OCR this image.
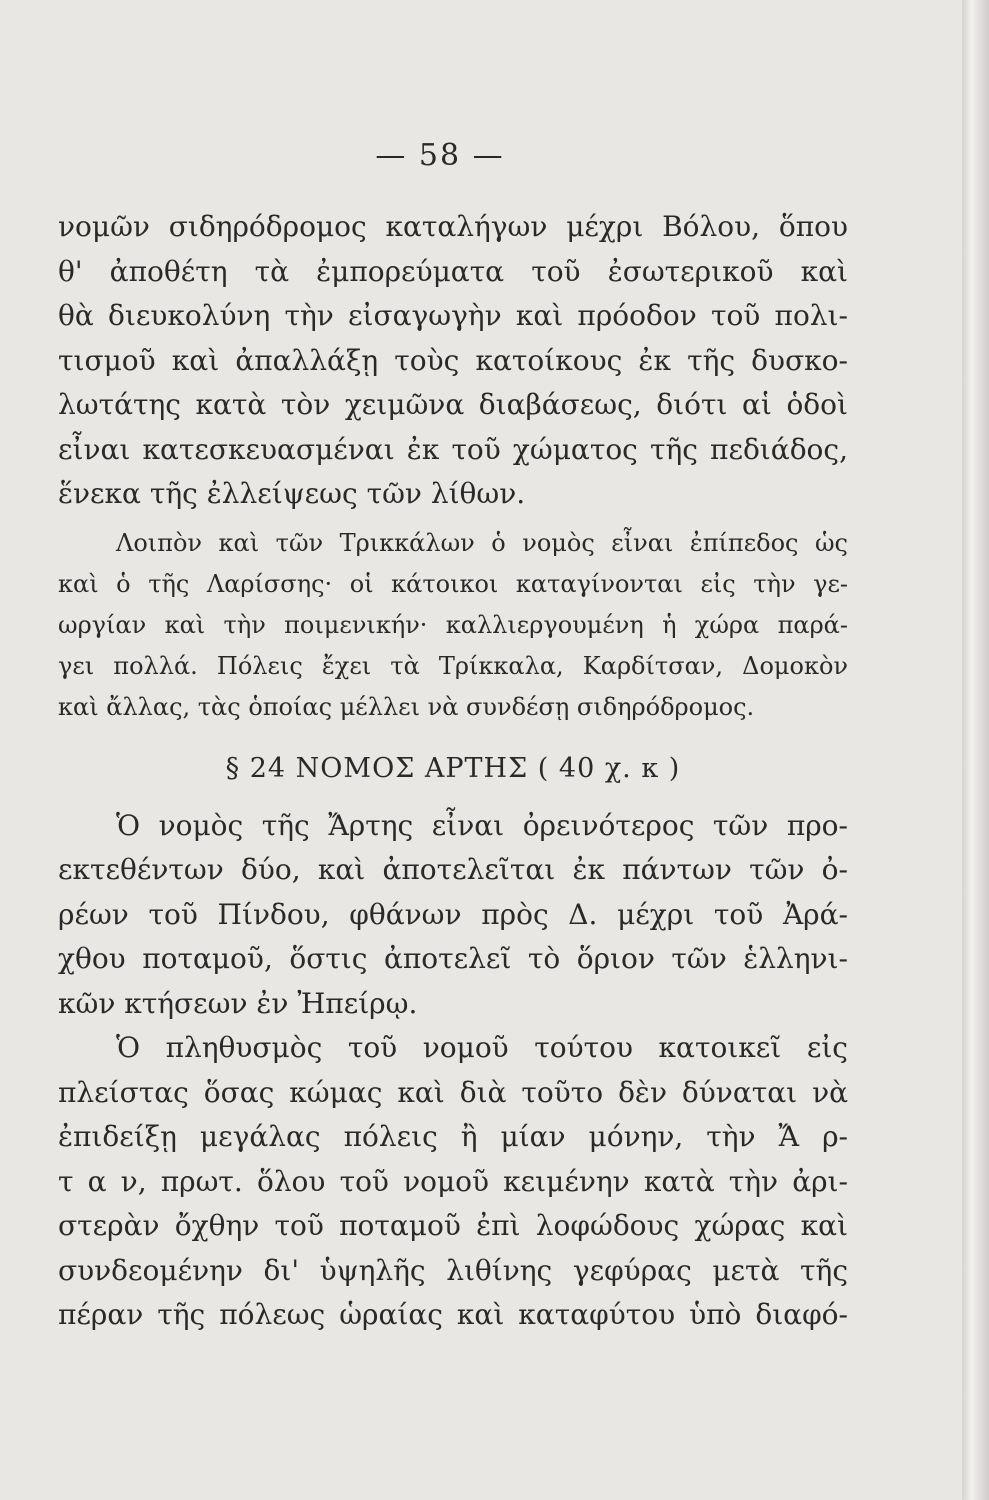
— 58 —
νομῶν σιδηρόδρομος καταλήγων μέχρι Βόλου, ὅπου
θ' ἀποθέτη τὰ ἐμπορεύματα τοῦ ἐσωτερικοῦ καὶ
θὰ διευκολύνη τὴν εἰσαγωγὴν καὶ πρόοδον τοῦ πολι-
τισμοῦ καὶ ἀπαλλάξῃ τοὺς κατοίκους ἐκ τῆς δυσκο-
λωτάτης κατὰ τὸν χειμῶνα διαβάσεως, διότι αἱ ὁδοὶ
εἶναι κατεσκευασμέναι ἐκ τοῦ χώματος τῆς πεδιάδος,
ἕνεκα τῆς ἐλλείψεως τῶν λίθων.
Λοιπὸν καὶ τῶν Τρικκάλων ὁ νομὸς εἶναι ἐπίπεδος ὡς
καὶ ὁ τῆς Λαρίσσης· οἱ κάτοικοι καταγίνονται εἰς τὴν γε-
ωργίαν καὶ τὴν ποιμενικήν· καλλιεργουμένη ἡ χώρα παρά-
γει πολλά. Πόλεις ἔχει τὰ Τρίκκαλα, Καρδίτσαν, Δομοκὸν
καὶ ἄλλας, τὰς ὁποίας μέλλει νὰ συνδέσῃ σιδηρόδρομος.
§ 24 ΝΟΜΟΣ ΑΡΤΗΣ ( 40 χ. κ )
Ὁ νομὸς τῆς Ἄρτης εἶναι ὀρεινότερος τῶν προ-
εκτεθέντων δύο, καὶ ἀποτελεῖται ἐκ πάντων τῶν ὀ-
ρέων τοῦ Πίνδου, φθάνων πρὸς Δ. μέχρι τοῦ Ἀρά-
χθου ποταμοῦ, ὅστις ἀποτελεῖ τὸ ὅριον τῶν ἑλληνι-
κῶν κτήσεων ἐν Ἠπείρῳ.
Ὁ πληθυσμὸς τοῦ νομοῦ τούτου κατοικεῖ εἰς
πλείστας ὅσας κώμας καὶ διὰ τοῦτο δὲν δύναται νὰ
ἐπιδείξῃ μεγάλας πόλεις ἢ μίαν μόνην, τὴν Ἄ ρ-
τ α ν, πρωτ. ὅλου τοῦ νομοῦ κειμένην κατὰ τὴν ἀρι-
στερὰν ὄχθην τοῦ ποταμοῦ ἐπὶ λοφώδους χώρας καὶ
συνδεομένην δι' ὑψηλῆς λιθίνης γεφύρας μετὰ τῆς
πέραν τῆς πόλεως ὡραίας καὶ καταφύτου ὑπὸ διαφό-
